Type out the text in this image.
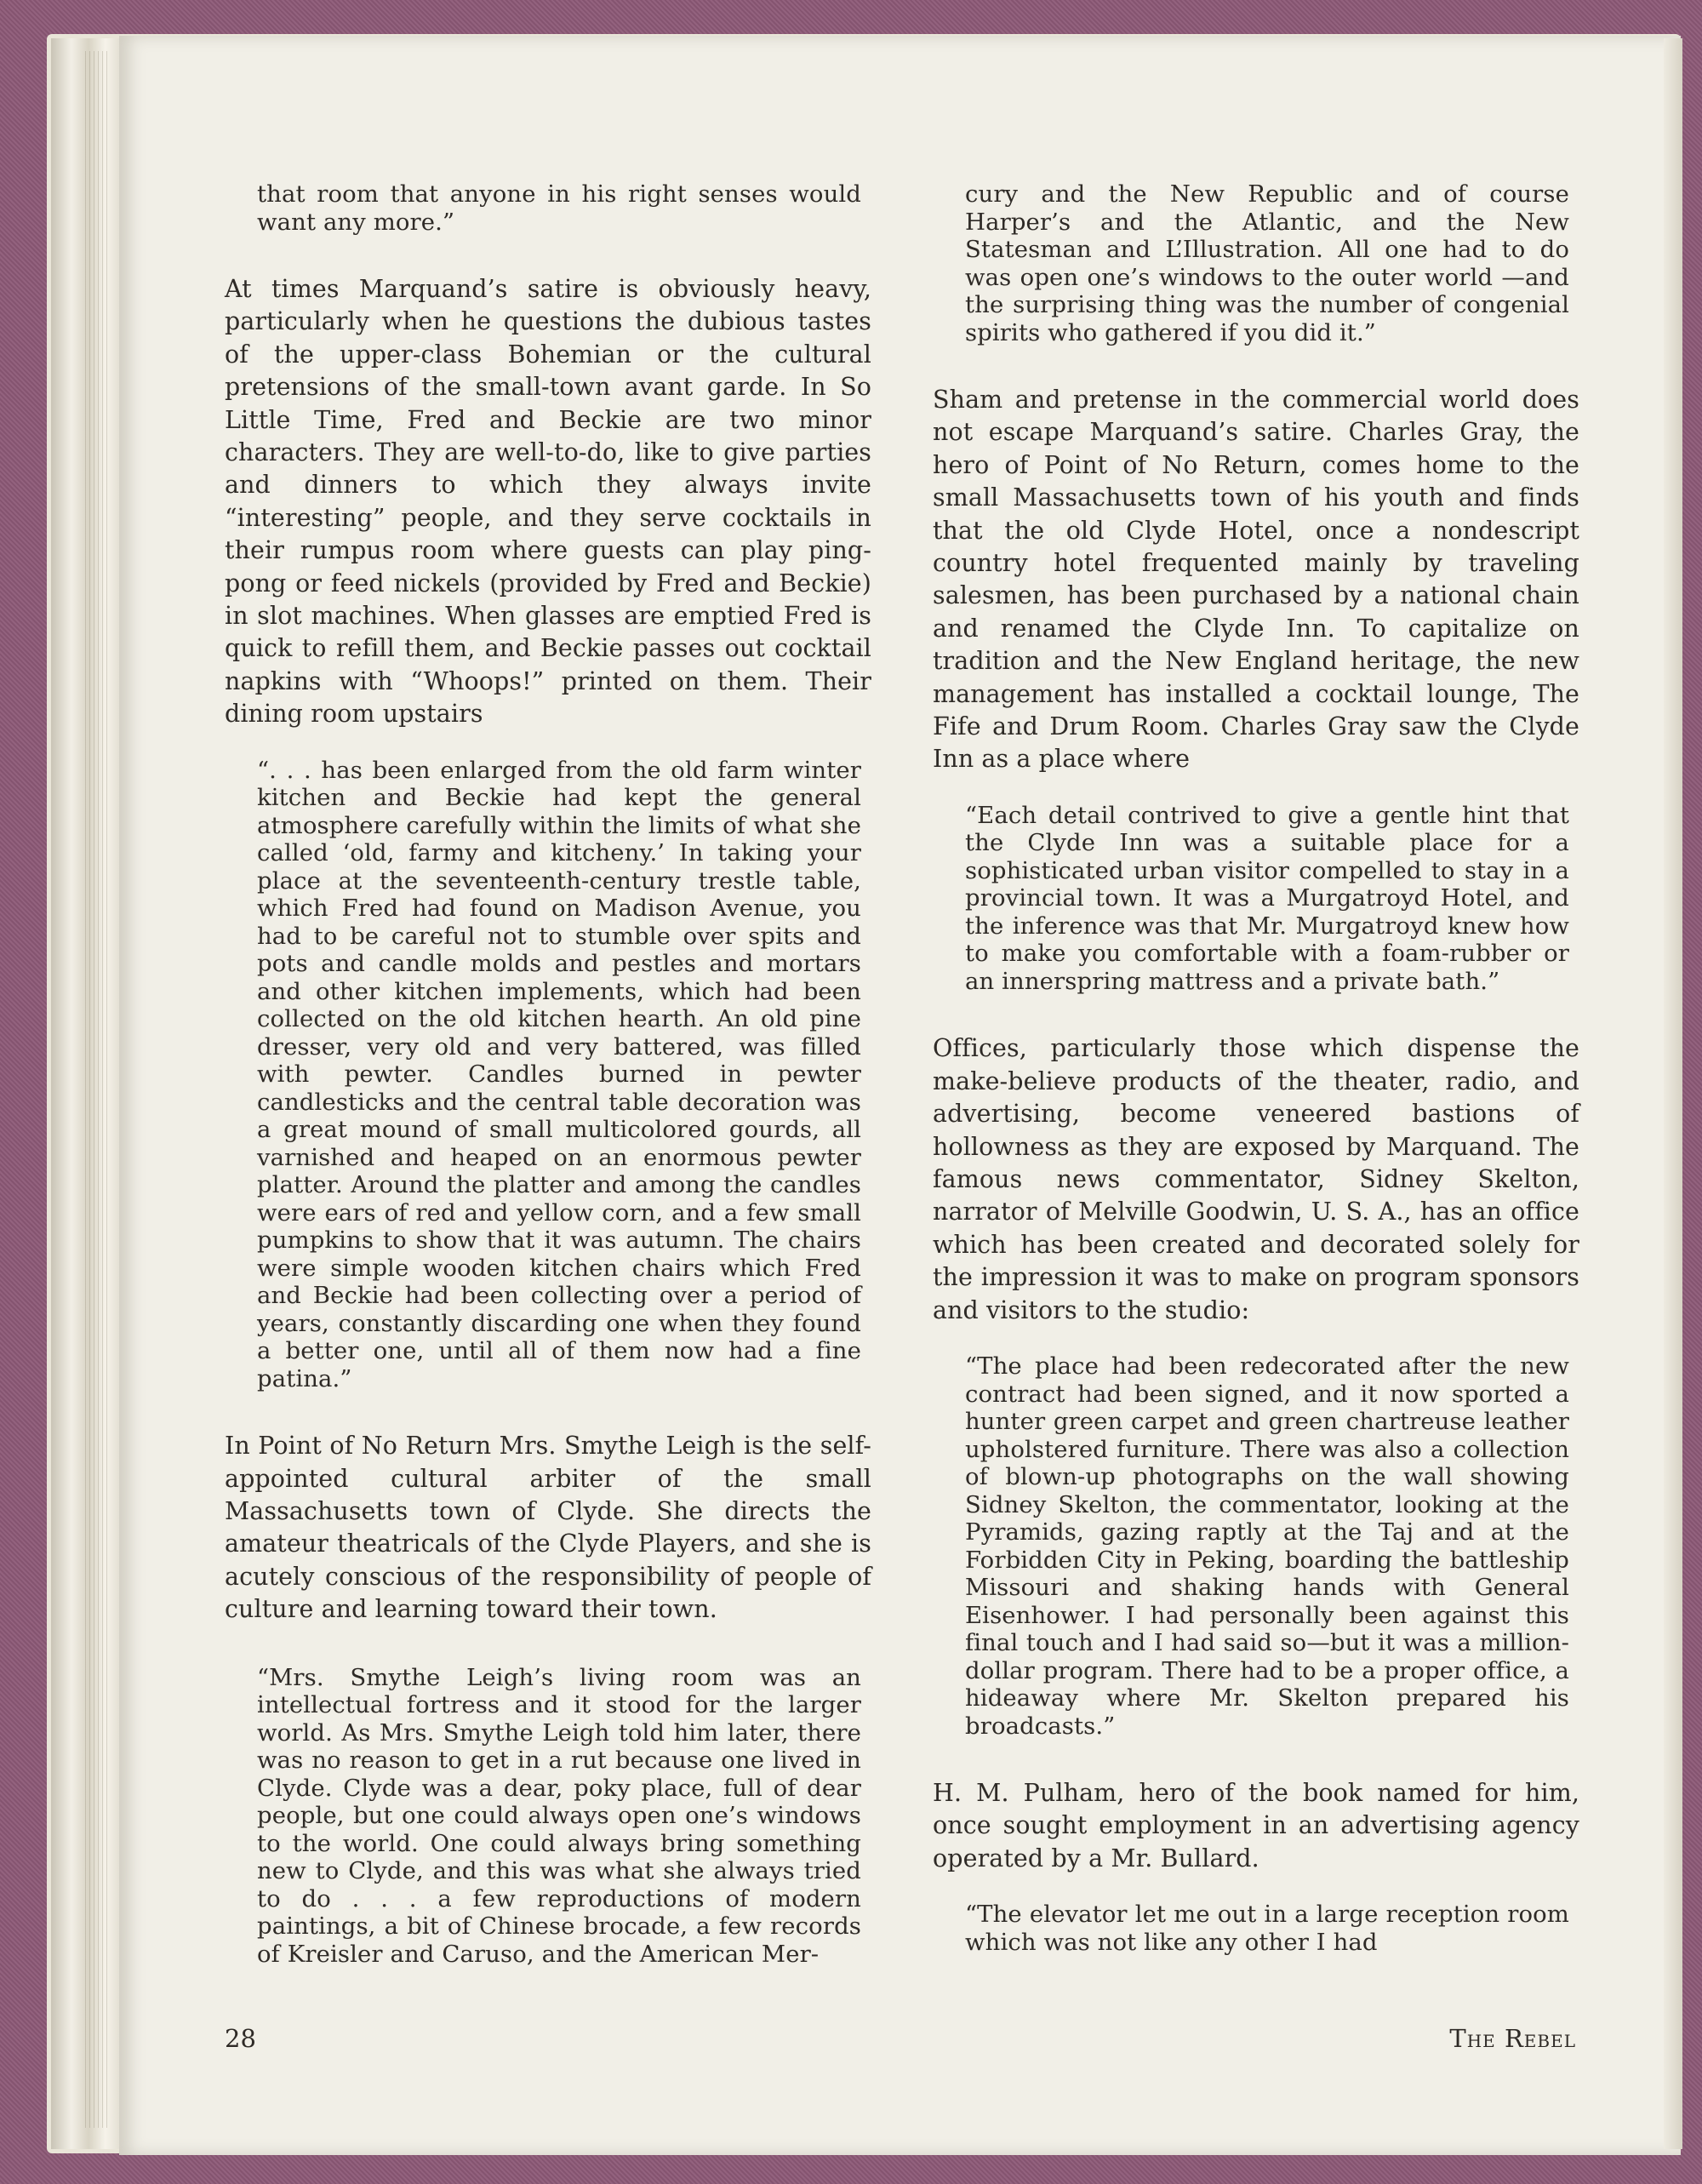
that room that anyone in his right senses would want any more.”

At times Marquand’s satire is obviously heavy, particularly when he questions the dubious tastes of the upper-class Bohemian or the cultural pretensions of the small-town avant garde. In So Little Time, Fred and Beckie are two minor characters. They are well-to-do, like to give parties and dinners to which they always invite “interesting” people, and they serve cocktails in their rumpus room where guests can play ping-pong or feed nickels (provided by Fred and Beckie) in slot machines. When glasses are emptied Fred is quick to refill them, and Beckie passes out cocktail napkins with “Whoops!” printed on them. Their dining room upstairs

“. . . has been enlarged from the old farm winter kitchen and Beckie had kept the general atmosphere carefully within the limits of what she called ‘old, farmy and kitcheny.’ In taking your place at the seventeenth-century trestle table, which Fred had found on Madison Avenue, you had to be careful not to stumble over spits and pots and candle molds and pestles and mortars and other kitchen implements, which had been collected on the old kitchen hearth. An old pine dresser, very old and very battered, was filled with pewter. Candles burned in pewter candlesticks and the central table decoration was a great mound of small multicolored gourds, all varnished and heaped on an enormous pewter platter. Around the platter and among the candles were ears of red and yellow corn, and a few small pumpkins to show that it was autumn. The chairs were simple wooden kitchen chairs which Fred and Beckie had been collecting over a period of years, constantly discarding one when they found a better one, until all of them now had a fine patina.”

In Point of No Return Mrs. Smythe Leigh is the self-appointed cultural arbiter of the small Massachusetts town of Clyde. She directs the amateur theatricals of the Clyde Players, and she is acutely conscious of the responsibility of people of culture and learning toward their town.

“Mrs. Smythe Leigh’s living room was an intellectual fortress and it stood for the larger world. As Mrs. Smythe Leigh told him later, there was no reason to get in a rut because one lived in Clyde. Clyde was a dear, poky place, full of dear people, but one could always open one’s windows to the world. One could always bring something new to Clyde, and this was what she always tried to do . . . a few reproductions of modern paintings, a bit of Chinese brocade, a few records of Kreisler and Caruso, and the American Mer-

cury and the New Republic and of course Harper’s and the Atlantic, and the New Statesman and L’Illustration. All one had to do was open one’s windows to the outer world —and the surprising thing was the number of congenial spirits who gathered if you did it.”

Sham and pretense in the commercial world does not escape Marquand’s satire. Charles Gray, the hero of Point of No Return, comes home to the small Massachusetts town of his youth and finds that the old Clyde Hotel, once a nondescript country hotel frequented mainly by traveling salesmen, has been purchased by a national chain and renamed the Clyde Inn. To capitalize on tradition and the New England heritage, the new management has installed a cocktail lounge, The Fife and Drum Room. Charles Gray saw the Clyde Inn as a place where

“Each detail contrived to give a gentle hint that the Clyde Inn was a suitable place for a sophisticated urban visitor compelled to stay in a provincial town. It was a Murgatroyd Hotel, and the inference was that Mr. Murgatroyd knew how to make you comfortable with a foam-rubber or an innerspring mattress and a private bath.”

Offices, particularly those which dispense the make-believe products of the theater, radio, and advertising, become veneered bastions of hollowness as they are exposed by Marquand. The famous news commentator, Sidney Skelton, narrator of Melville Goodwin, U. S. A., has an office which has been created and decorated solely for the impression it was to make on program sponsors and visitors to the studio:

“The place had been redecorated after the new contract had been signed, and it now sported a hunter green carpet and green chartreuse leather upholstered furniture. There was also a collection of blown-up photographs on the wall showing Sidney Skelton, the commentator, looking at the Pyramids, gazing raptly at the Taj and at the Forbidden City in Peking, boarding the battleship Missouri and shaking hands with General Eisenhower. I had personally been against this final touch and I had said so—but it was a million-dollar program. There had to be a proper office, a hideaway where Mr. Skelton prepared his broadcasts.”

H. M. Pulham, hero of the book named for him, once sought employment in an advertising agency operated by a Mr. Bullard.

“The elevator let me out in a large reception room which was not like any other I had

28	The Rebel
